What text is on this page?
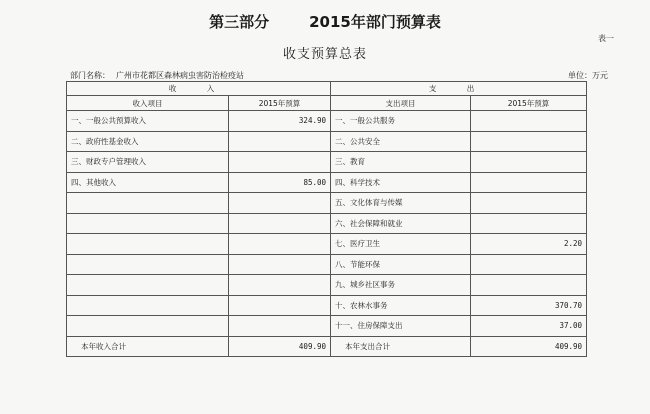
第三部分	2015年部门预算表
表一
收支预算总表
部门名称： 广州市花都区森林病虫害防治检疫站	单位：万元
收 入		支 出	
收入项目	2015年预算	支出项目	2015年预算
一、一般公共预算收入	324.90	一、一般公共服务	
二、政府性基金收入		二、公共安全	
三、财政专户管理收入		三、教育	
四、其他收入	85.00	四、科学技术	
		五、文化体育与传媒	
		六、社会保障和就业	
		七、医疗卫生	2.20
		八、节能环保	
		九、城乡社区事务	
		十、农林水事务	370.70
		十一、住房保障支出	37.00
本年收入合计	409.90	本年支出合计	409.90
